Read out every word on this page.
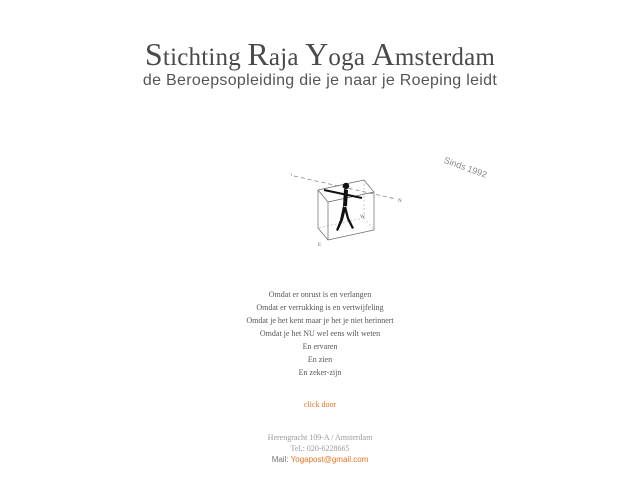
Stichting Raja Yoga Amsterdam
de Beroepsopleiding die je naar je Roeping leidt
Sinds 1992
ı
N
W
E
Omdat er onrust is en verlangen
Omdat er verrukking is en vertwijfeling
Omdat je het kent maar je het je niet herinnert
Omdat je het NU wel eens wilt weten
En ervaren
En zien
En zeker-zijn
click door
Herengracht 109-A / Amsterdam
Tel.: 020-6228665
Mail: Yogapost@gmail.com
